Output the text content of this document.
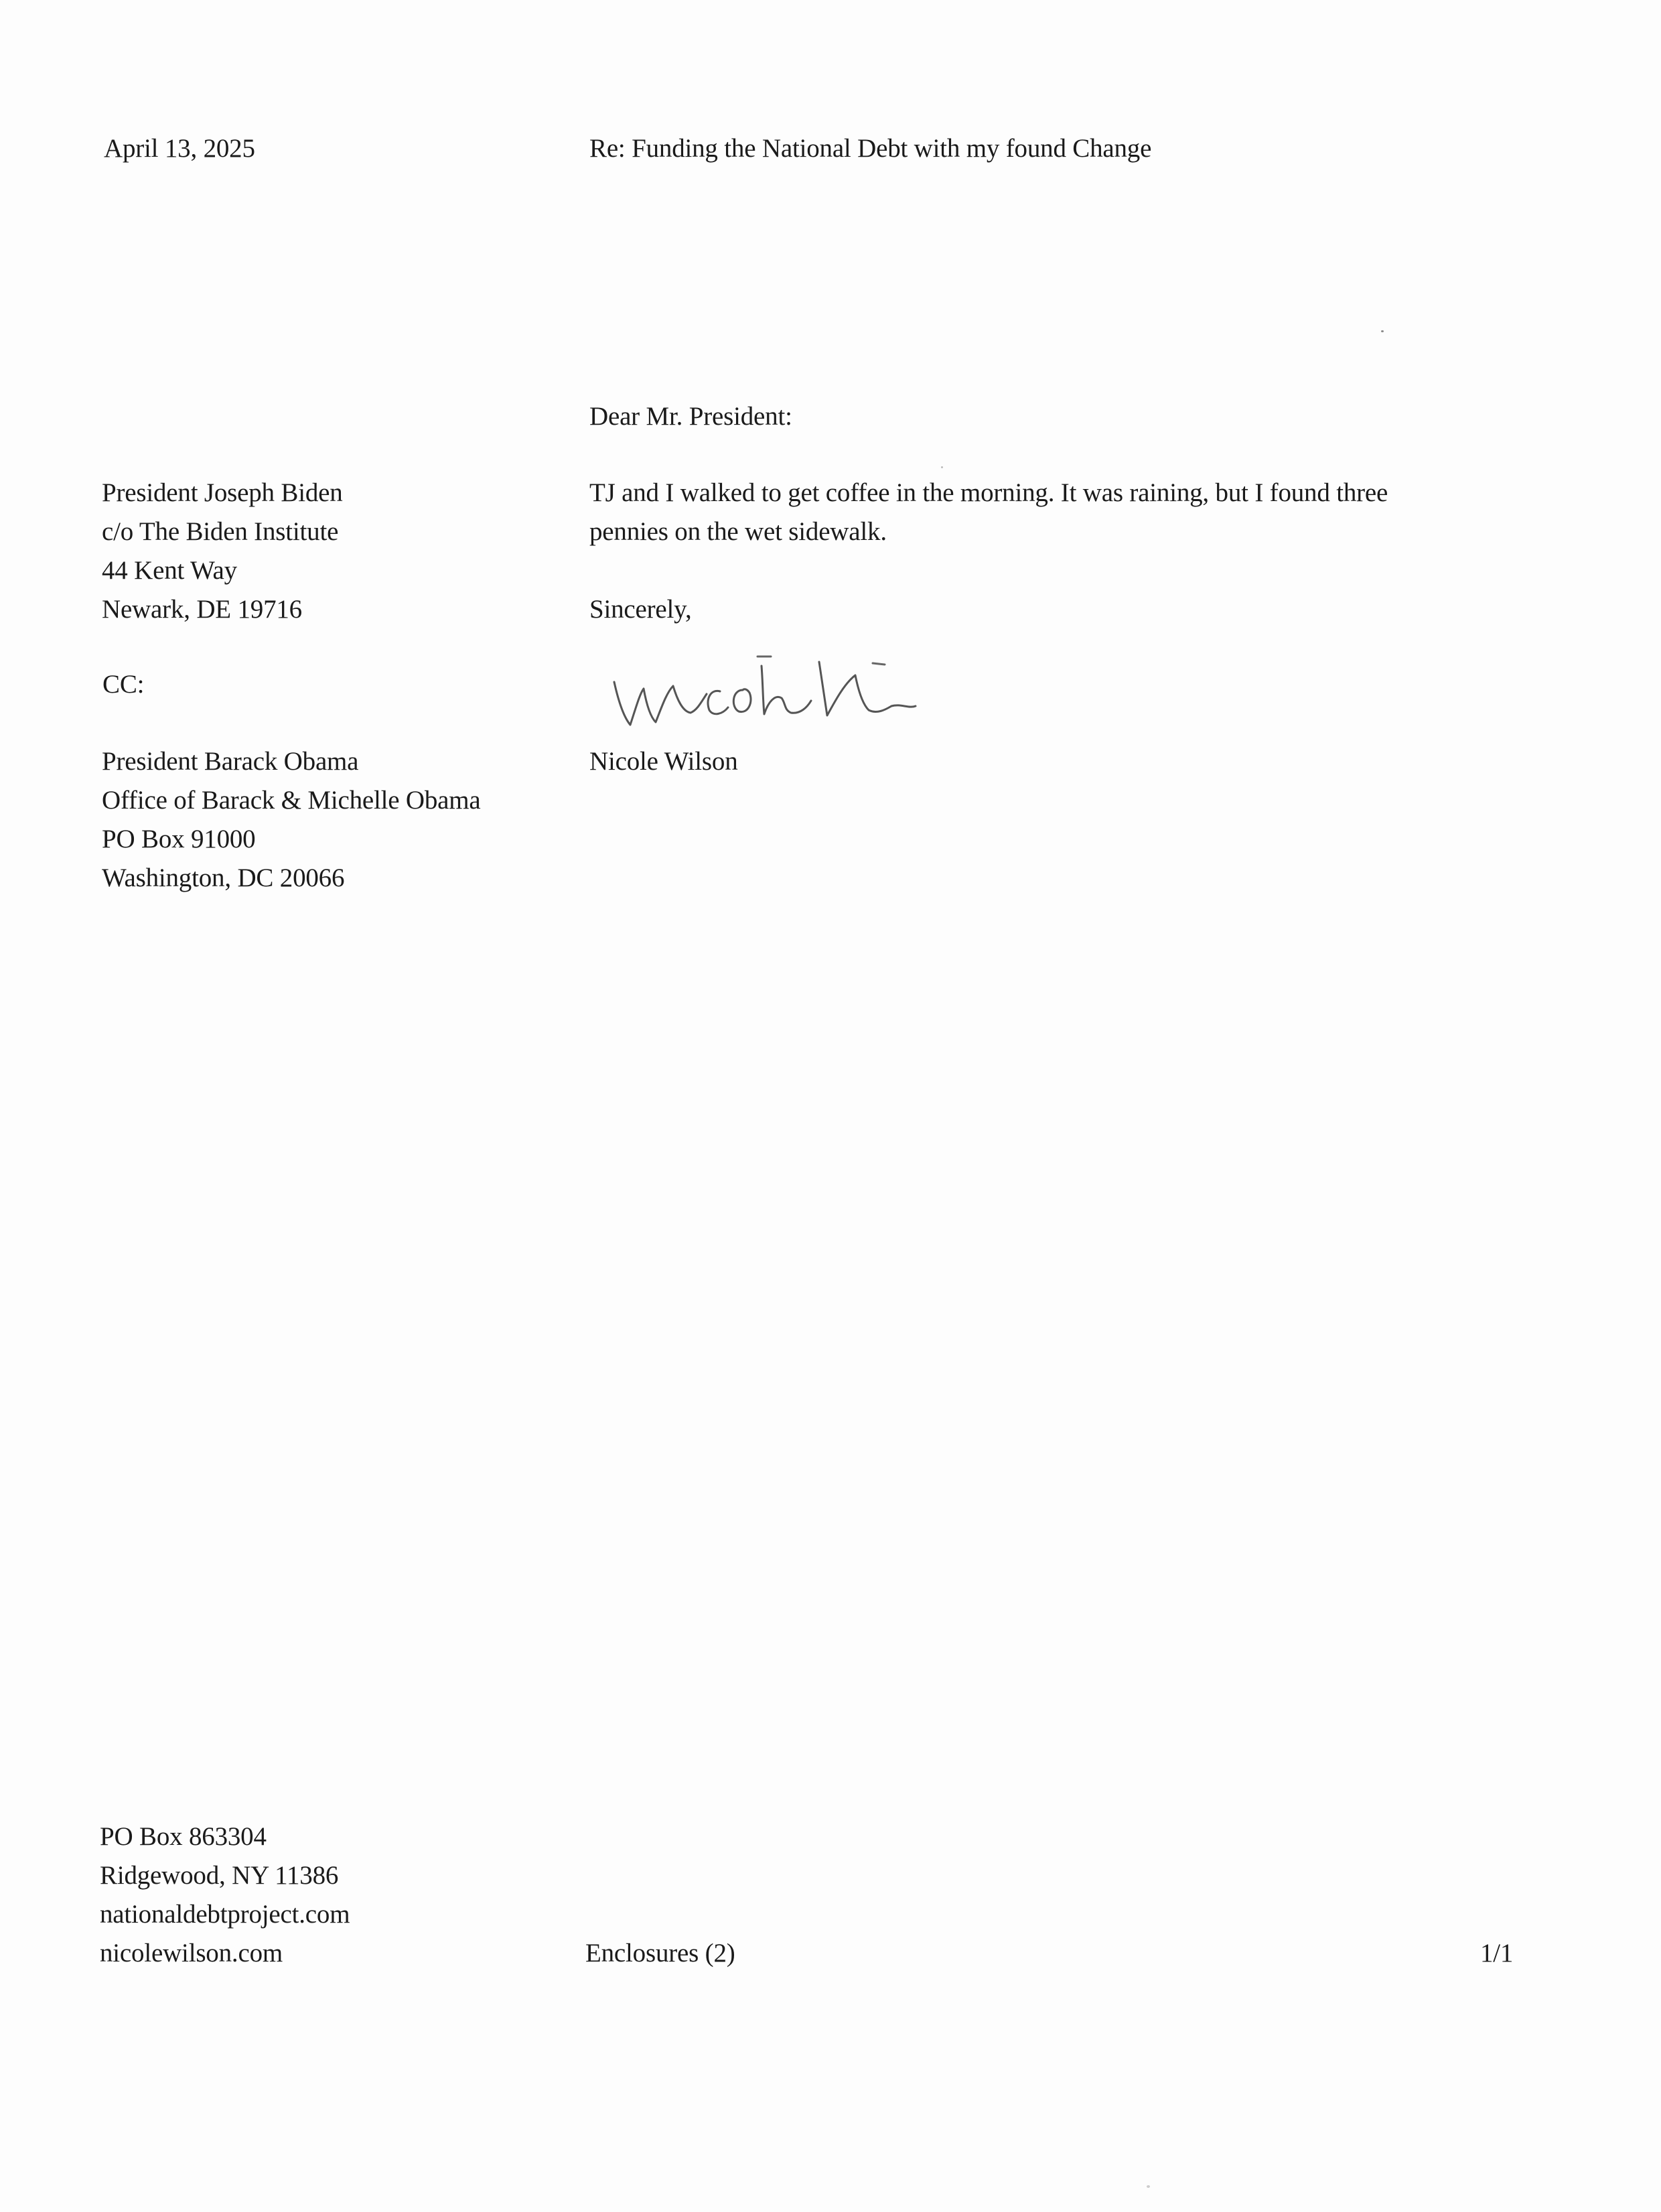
April 13, 2025	Re: Funding the National Debt with my found Change
Dear Mr. President:
President Joseph Biden
c/o The Biden Institute
44 Kent Way
Newark, DE 19716
TJ and I walked to get coffee in the morning. It was raining, but I found three
pennies on the wet sidewalk.
Sincerely,
CC:
Nicole Wilson
President Barack Obama
Office of Barack & Michelle Obama
PO Box 91000
Washington, DC 20066
PO Box 863304
Ridgewood, NY 11386
nationaldebtproject.com
nicolewilson.com	Enclosures (2)	1/1
